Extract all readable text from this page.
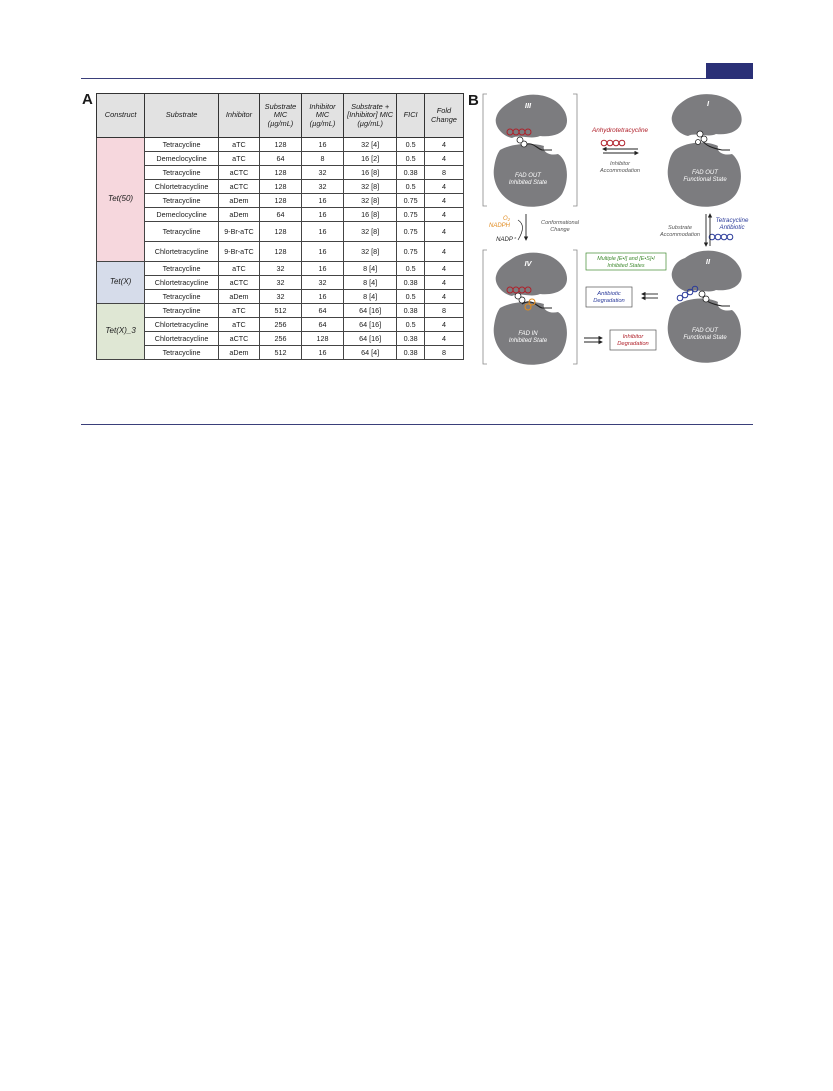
A	B
Construct	Substrate	Inhibitor	Substrate MIC (µg/mL)	Inhibitor MIC (µg/mL)	Substrate + [Inhibitor] MIC (µg/mL)	FICI	Fold Change
Tet(50)	Tetracycline	aTC	128	16	32 [4]	0.5	4
	Demeclocycline	aTC	64	8	16 [2]	0.5	4
	Tetracycline	aCTC	128	32	16 [8]	0.38	8
	Chlortetracycline	aCTC	128	32	32 [8]	0.5	4
	Tetracycline	aDem	128	16	32 [8]	0.75	4
	Demeclocycline	aDem	64	16	16 [8]	0.75	4
	Tetracycline	9-Br-aTC	128	16	32 [8]	0.75	4
	Chlortetracycline	9-Br-aTC	128	16	32 [8]	0.75	4
Tet(X)	Tetracycline	aTC	32	16	8 [4]	0.5	4
	Chlortetracycline	aCTC	32	32	8 [4]	0.38	4
	Tetracycline	aDem	32	16	8 [4]	0.5	4
Tet(X)_3	Tetracycline	aTC	512	64	64 [16]	0.38	8
	Chlortetracycline	aTC	256	64	64 [16]	0.5	4
	Chlortetracycline	aCTC	256	128	64 [16]	0.38	4
	Tetracycline	aDem	512	16	64 [4]	0.38	8
FAD OUT
Inhibited State
FAD OUT
Functional State
FAD IN
Inhibited State
FAD OUT
Functional State
III	I
IV	II
Anhydrotetracycline
Inhibitor
Accommodation
O₂
NADPH
NADP⁺
Conformational
Change	Substrate
Accommodation
Tetracycline
Antibiotic
Multiple [E•I] and [E•S]•I
Inhibited States
Antibiotic
Degradation
Inhibitor
Degradation
